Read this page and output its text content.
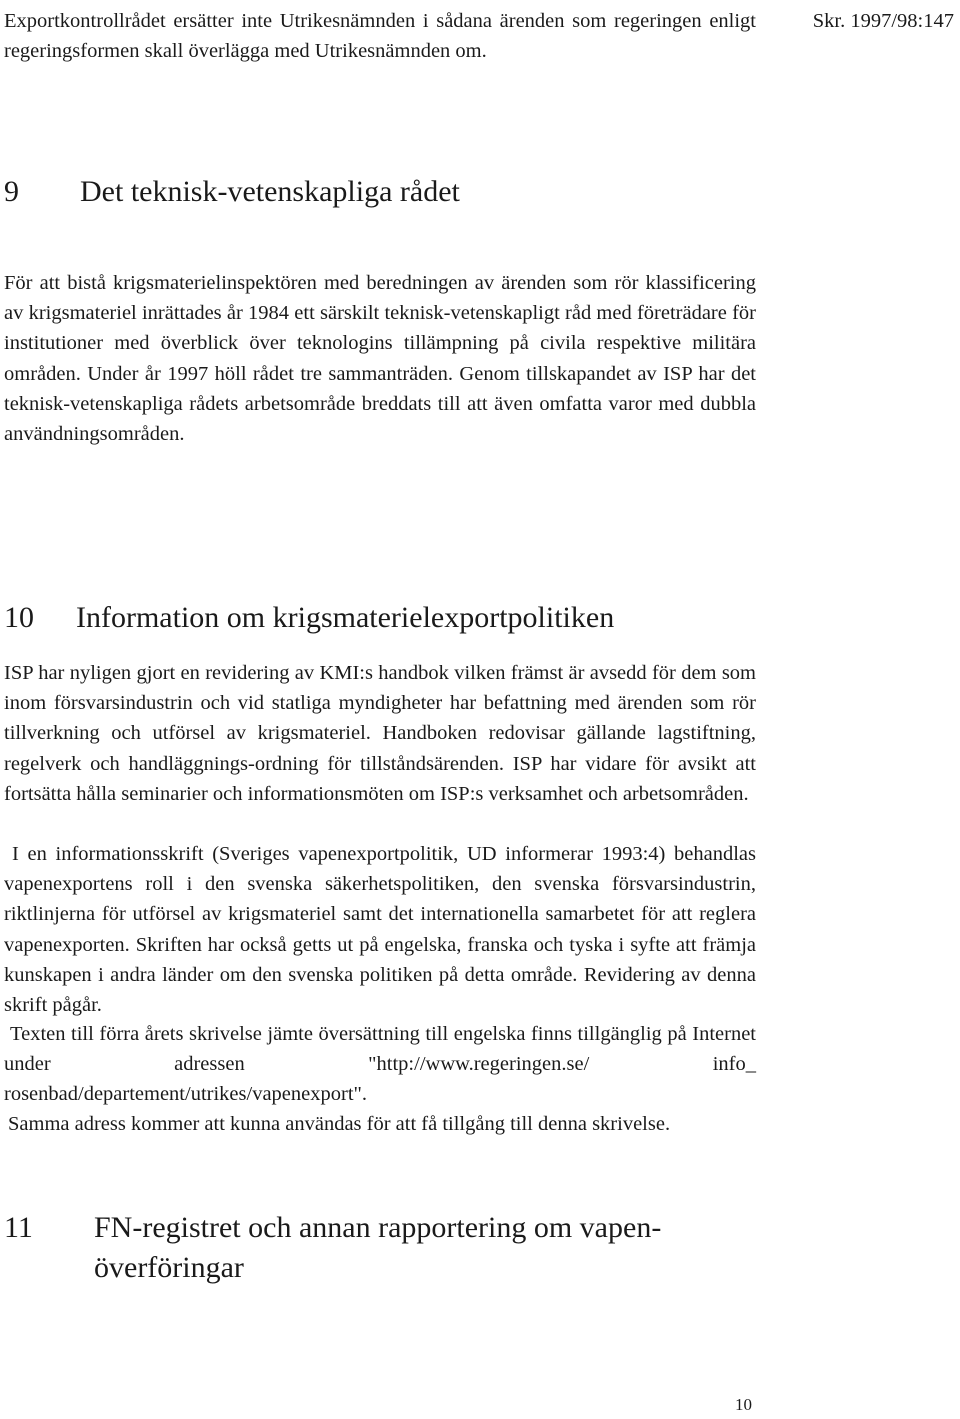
Exportkontrollrådet ersätter inte Utrikesnämnden i sådana ärenden som regeringen enligt regeringsformen skall överlägga med Utrikesnämnden om.

Skr. 1997/98:147

9	Det teknisk-vetenskapliga rådet

För att bistå krigsmaterielinspektören med beredningen av ärenden som rör klassificering av krigsmateriel inrättades år 1984 ett särskilt teknisk-vetenskapligt råd med företrädare för institutioner med överblick över teknologins tillämpning på civila respektive militära områden. Under år 1997 höll rådet tre sammanträden. Genom tillskapandet av ISP har det teknisk-vetenskapliga rådets arbetsområde breddats till att även omfatta varor med dubbla användningsområden.

10	Information om krigsmaterielexportpolitiken

ISP har nyligen gjort en revidering av KMI:s handbok vilken främst är avsedd för dem som inom försvarsindustrin och vid statliga myndigheter har befattning med ärenden som rör tillverkning och utförsel av krigsmateriel. Handboken redovisar gällande lagstiftning, regelverk och handläggnings-ordning för tillståndsärenden. ISP har vidare för avsikt att fortsätta hålla seminarier och informationsmöten om ISP:s verksamhet och arbetsområden.

I en informationsskrift (Sveriges vapenexportpolitik, UD informerar 1993:4) behandlas vapenexportens roll i den svenska säkerhetspolitiken, den svenska försvarsindustrin, riktlinjerna för utförsel av krigsmateriel samt det internationella samarbetet för att reglera vapenexporten. Skriften har också getts ut på engelska, franska och tyska i syfte att främja kunskapen i andra länder om den svenska politiken på detta område. Revidering av denna skrift pågår.

Texten till förra årets skrivelse jämte översättning till engelska finns tillgänglig på Internet under adressen "http://www.regeringen.se/ info_ rosenbad/departement/utrikes/vapenexport".

Samma adress kommer att kunna användas för att få tillgång till denna skrivelse.

11	FN-registret och annan rapportering om vapen-överföringar

10
